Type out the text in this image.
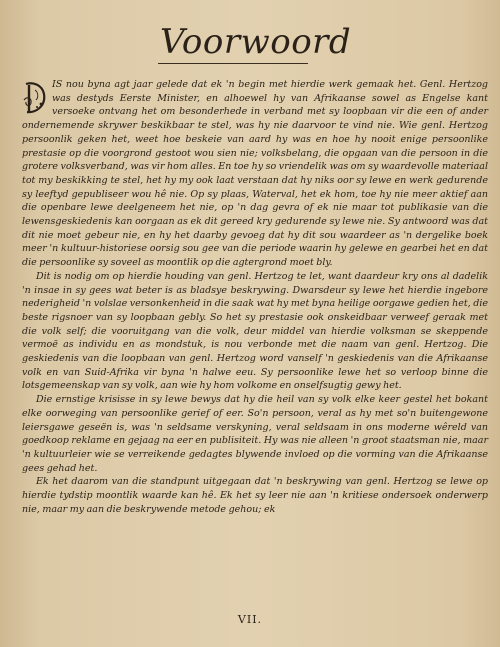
Voorwoord

IS nou byna agt jaar gelede dat ek 'n begin met hierdie werk gemaak het. Genl. Hertzog was destyds Eerste Minister, en alhoewel hy van Afrikaanse sowel as Engelse kant versoeke ontvang het om besonderhede in verband met sy loopbaan vir die een of ander ondernemende skrywer beskikbaar te stel, was hy nie daarvoor te vind nie. Wie genl. Hertzog persoonlik geken het, weet hoe beskeie van aard hy was en hoe hy nooit enige persoonlike prestasie op die voorgrond gestoot wou sien nie; volksbelang, die opgaan van die persoon in die grotere volksverband, was vir hom alles. En toe hy so vriendelik was om sy waardevolle materiaal tot my beskikking te stel, het hy my ook laat verstaan dat hy niks oor sy lewe en werk gedurende sy leeftyd gepubliseer wou hê nie. Op sy plaas, Waterval, het ek hom, toe hy nie meer aktief aan die openbare lewe deelgeneem het nie, op 'n dag gevra of ek nie maar tot publikasie van die lewensgeskiedenis kan oorgaan as ek dit gereed kry gedurende sy lewe nie. Sy antwoord was dat dit nie moet gebeur nie, en hy het daarby gevoeg dat hy dit sou waardeer as 'n dergelike boek meer 'n kultuur-historiese oorsig sou gee van die periode waarin hy gelewe en gearbei het en dat die persoonlike sy soveel as moontlik op die agtergrond moet bly.

Dit is nodig om op hierdie houding van genl. Hertzog te let, want daardeur kry ons al dadelik 'n insae in sy gees wat beter is as bladsye beskrywing. Dwarsdeur sy lewe het hierdie ingebore nederigheid 'n volslae versonkenheid in die saak wat hy met byna heilige oorgawe gedien het, die beste rigsnoer van sy loopbaan gebly. So het sy prestasie ook onskeidbaar verweef geraak met die volk self; die vooruitgang van die volk, deur middel van hierdie volksman se skeppende vermoë as individu en as mondstuk, is nou verbonde met die naam van genl. Hertzog. Die geskiedenis van die loopbaan van genl. Hertzog word vanself 'n geskiedenis van die Afrikaanse volk en van Suid-Afrika vir byna 'n halwe eeu. Sy persoonlike lewe het so verloop binne die lotsgemeenskap van sy volk, aan wie hy hom volkome en onselfsugtig gewy het.

Die ernstige krisisse in sy lewe bewys dat hy die heil van sy volk elke keer gestel het bokant elke oorweging van persoonlike gerief of eer. So'n persoon, veral as hy met so'n buitengewone leiersgawe geseën is, was 'n seldsame verskyning, veral seldsaam in ons moderne wêreld van goedkoop reklame en gejaag na eer en publisiteit. Hy was nie alleen 'n groot staatsman nie, maar 'n kultuurleier wie se verreikende gedagtes blywende invloed op die vorming van die Afrikaanse gees gehad het.

Ek het daarom van die standpunt uitgegaan dat 'n beskrywing van genl. Hertzog se lewe op hierdie tydstip moontlik waarde kan hê. Ek het sy leer nie aan 'n kritiese ondersoek onderwerp nie, maar my aan die beskrywende metode gehou; ek

VII.
